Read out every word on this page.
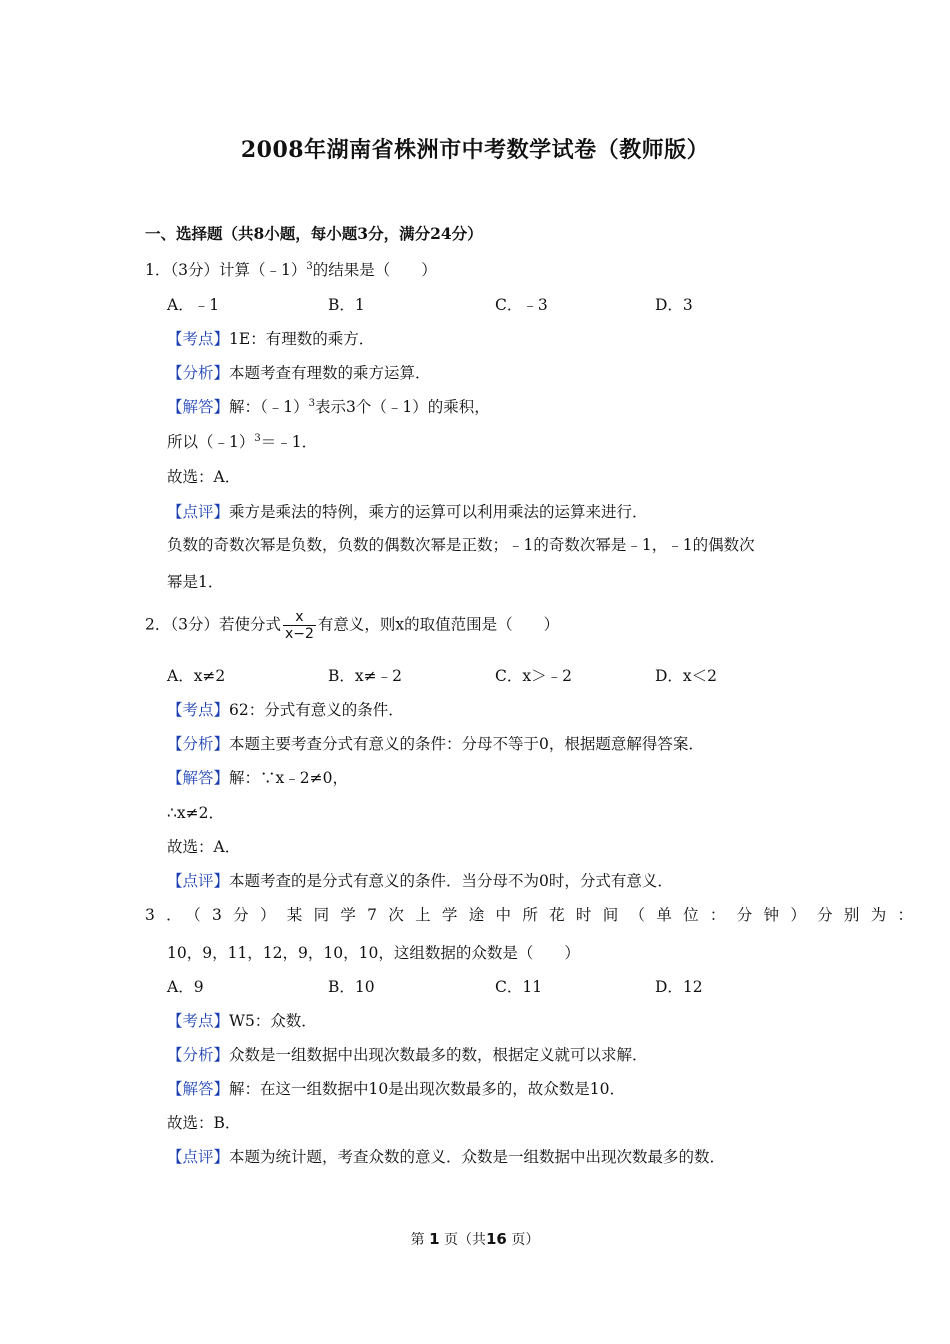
2008年湖南省株洲市中考数学试卷（教师版）
一、选择题（共8小题，每小题3分，满分24分）
1．（3分）计算（﹣1）$^3$的结果是（　　）
A．﹣1	B．1	C．﹣3	D．3
【考点】1E：有理数的乘方．
【分析】本题考查有理数的乘方运算．
【解答】解：（﹣1）$^3$表示3个（﹣1）的乘积，
所以（﹣1）$^3$＝﹣1．
故选：A．
【点评】乘方是乘法的特例，乘方的运算可以利用乘法的运算来进行．
负数的奇数次幂是负数，负数的偶数次幂是正数；﹣1的奇数次幂是﹣1，﹣1的偶数次
幂是1．
2．（3分）若使分式 $\frac{x}{x-2}$ 有意义，则x的取值范围是（　　）
A．x≠2	B．x≠﹣2	C．x＞﹣2	D．x＜2
【考点】62：分式有意义的条件．
【分析】本题主要考查分式有意义的条件：分母不等于0，根据题意解得答案．
【解答】解：∵x﹣2≠0，
∴x≠2．
故选：A．
【点评】本题考查的是分式有意义的条件．当分母不为0时，分式有意义．
3．（3分）某同学7次上学途中所花时间（单位：分钟）分别为：
10，9，11，12，9，10，10，这组数据的众数是（　　）
A．9	B．10	C．11	D．12
【考点】W5：众数．
【分析】众数是一组数据中出现次数最多的数，根据定义就可以求解．
【解答】解：在这一组数据中10是出现次数最多的，故众数是10．
故选：B．
【点评】本题为统计题，考查众数的意义．众数是一组数据中出现次数最多的数．
第 1 页（共16 页）
